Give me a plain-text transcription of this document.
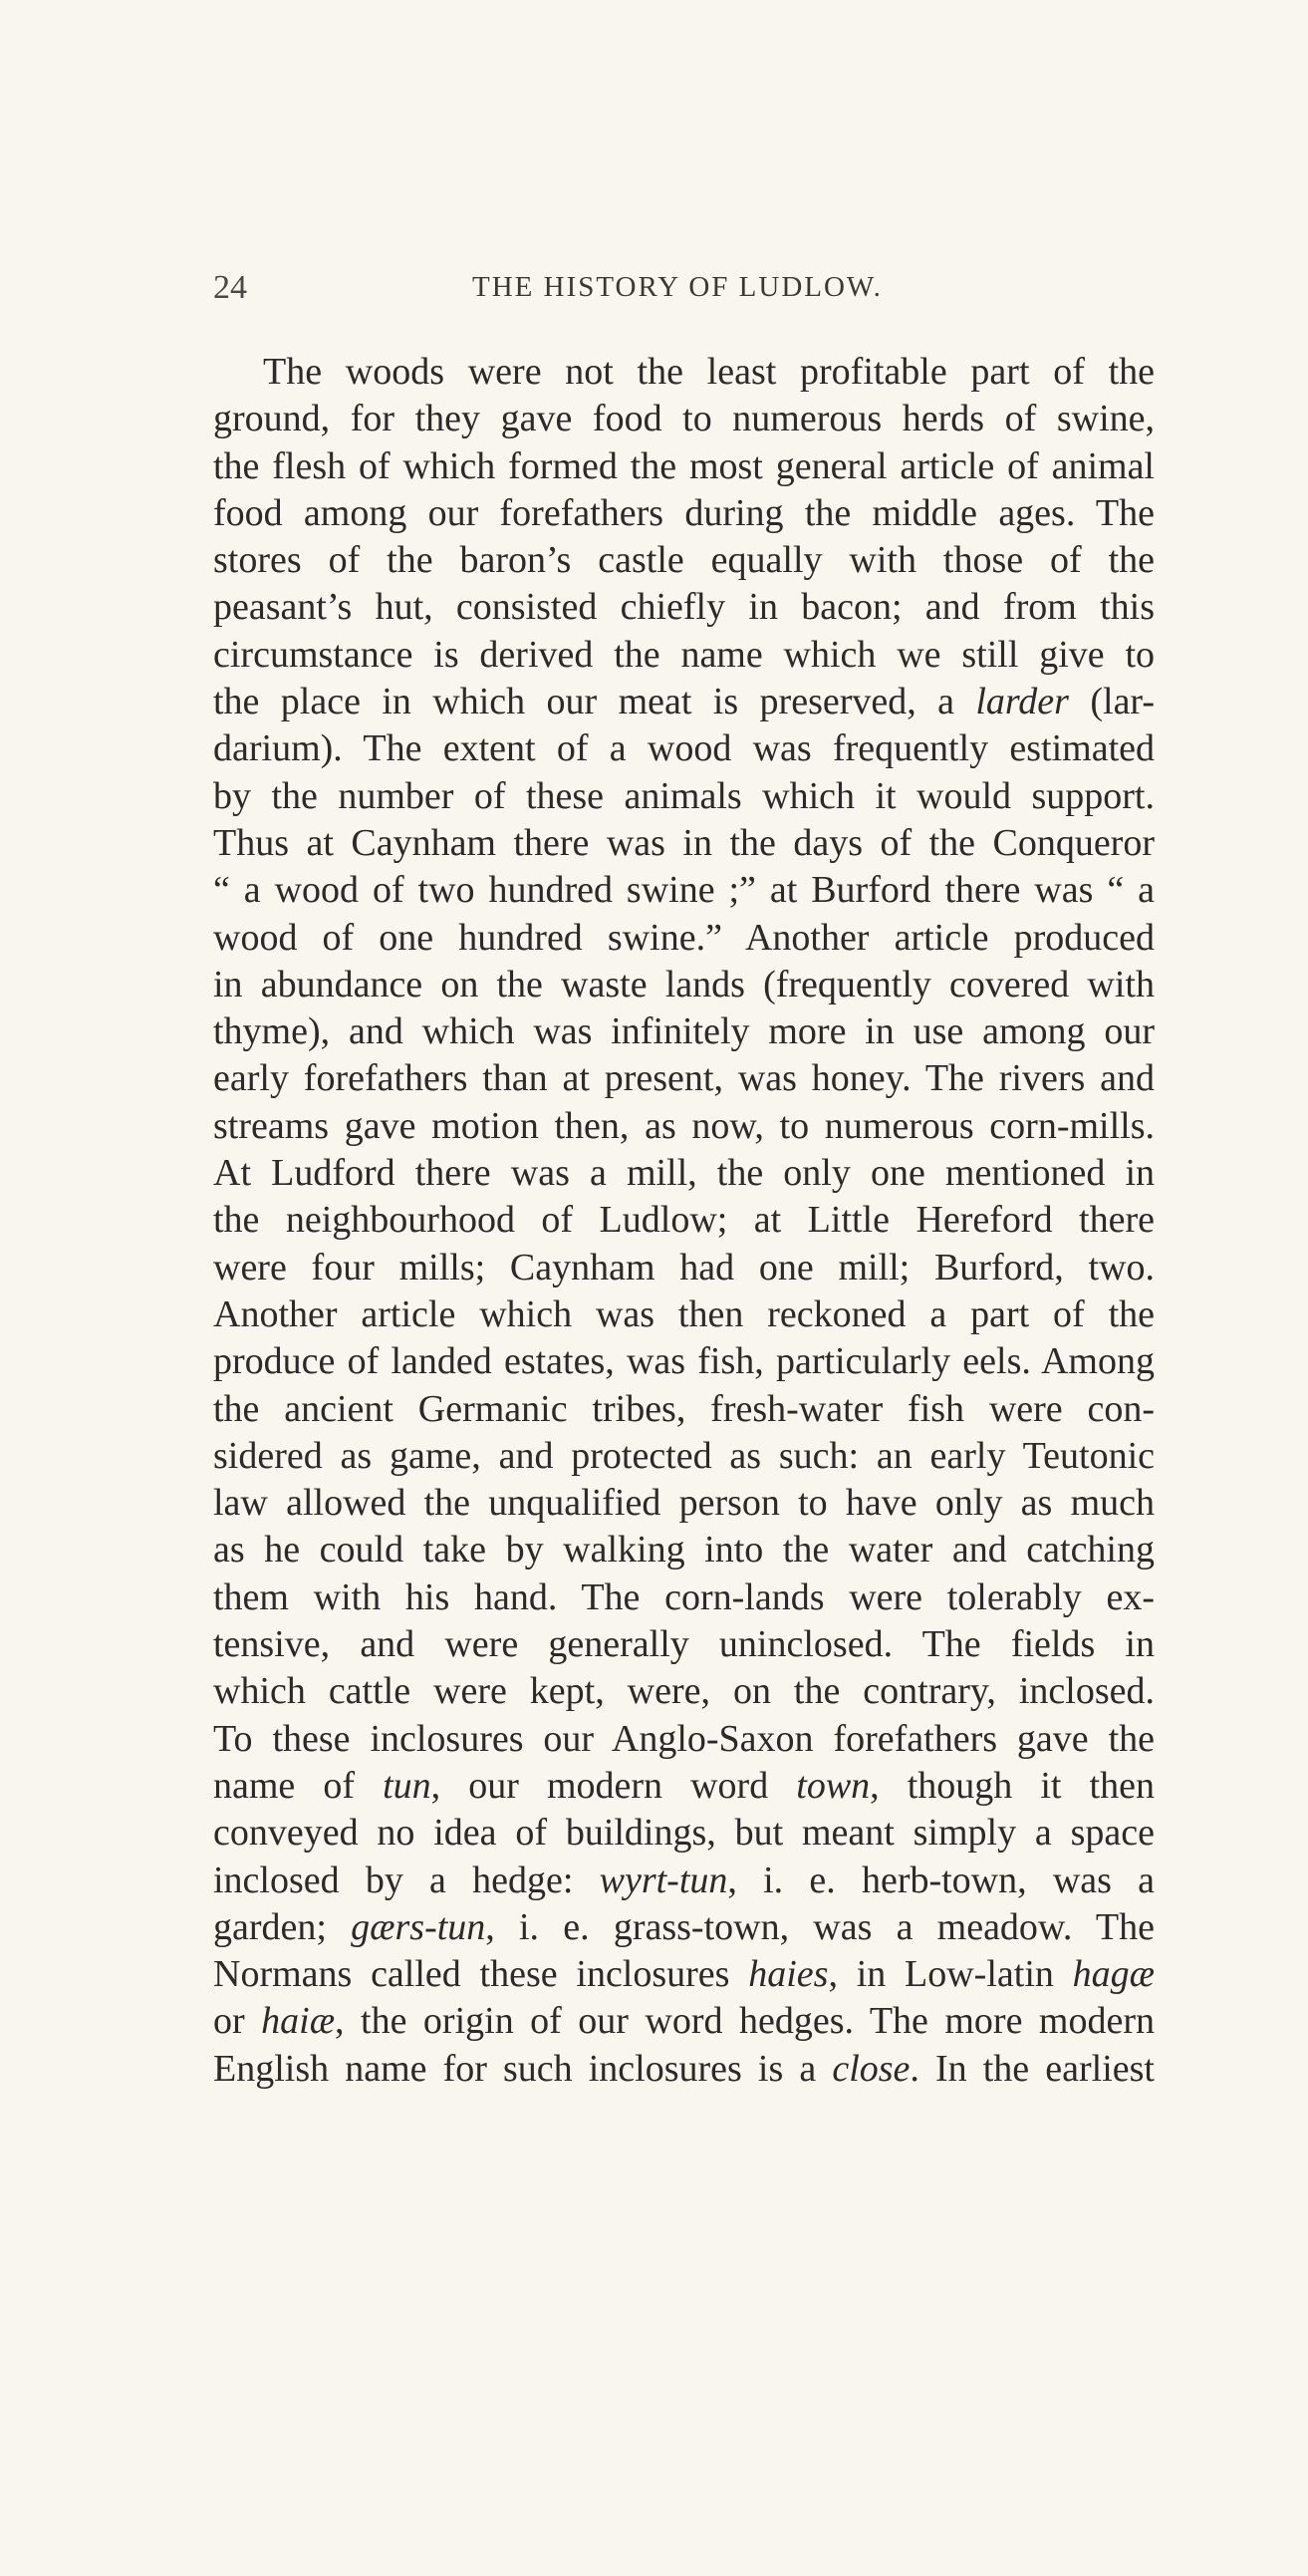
24	THE HISTORY OF LUDLOW.
The woods were not the least profitable part of the
ground, for they gave food to numerous herds of swine,
the flesh of which formed the most general article of animal
food among our forefathers during the middle ages. The
stores of the baron’s castle equally with those of the
peasant’s hut, consisted chiefly in bacon; and from this
circumstance is derived the name which we still give to
the place in which our meat is preserved, a larder (lar-
darium). The extent of a wood was frequently estimated
by the number of these animals which it would support.
Thus at Caynham there was in the days of the Conqueror
“ a wood of two hundred swine ;” at Burford there was “ a
wood of one hundred swine.” Another article produced
in abundance on the waste lands (frequently covered with
thyme), and which was infinitely more in use among our
early forefathers than at present, was honey. The rivers and
streams gave motion then, as now, to numerous corn-mills.
At Ludford there was a mill, the only one mentioned in
the neighbourhood of Ludlow; at Little Hereford there
were four mills; Caynham had one mill; Burford, two.
Another article which was then reckoned a part of the
produce of landed estates, was fish, particularly eels. Among
the ancient Germanic tribes, fresh-water fish were con-
sidered as game, and protected as such: an early Teutonic
law allowed the unqualified person to have only as much
as he could take by walking into the water and catching
them with his hand. The corn-lands were tolerably ex-
tensive, and were generally uninclosed. The fields in
which cattle were kept, were, on the contrary, inclosed.
To these inclosures our Anglo-Saxon forefathers gave the
name of tun, our modern word town, though it then
conveyed no idea of buildings, but meant simply a space
inclosed by a hedge: wyrt-tun, i. e. herb-town, was a
garden; gærs-tun, i. e. grass-town, was a meadow. The
Normans called these inclosures haies, in Low-latin hagæ
or haiæ, the origin of our word hedges. The more modern
English name for such inclosures is a close. In the earliest
